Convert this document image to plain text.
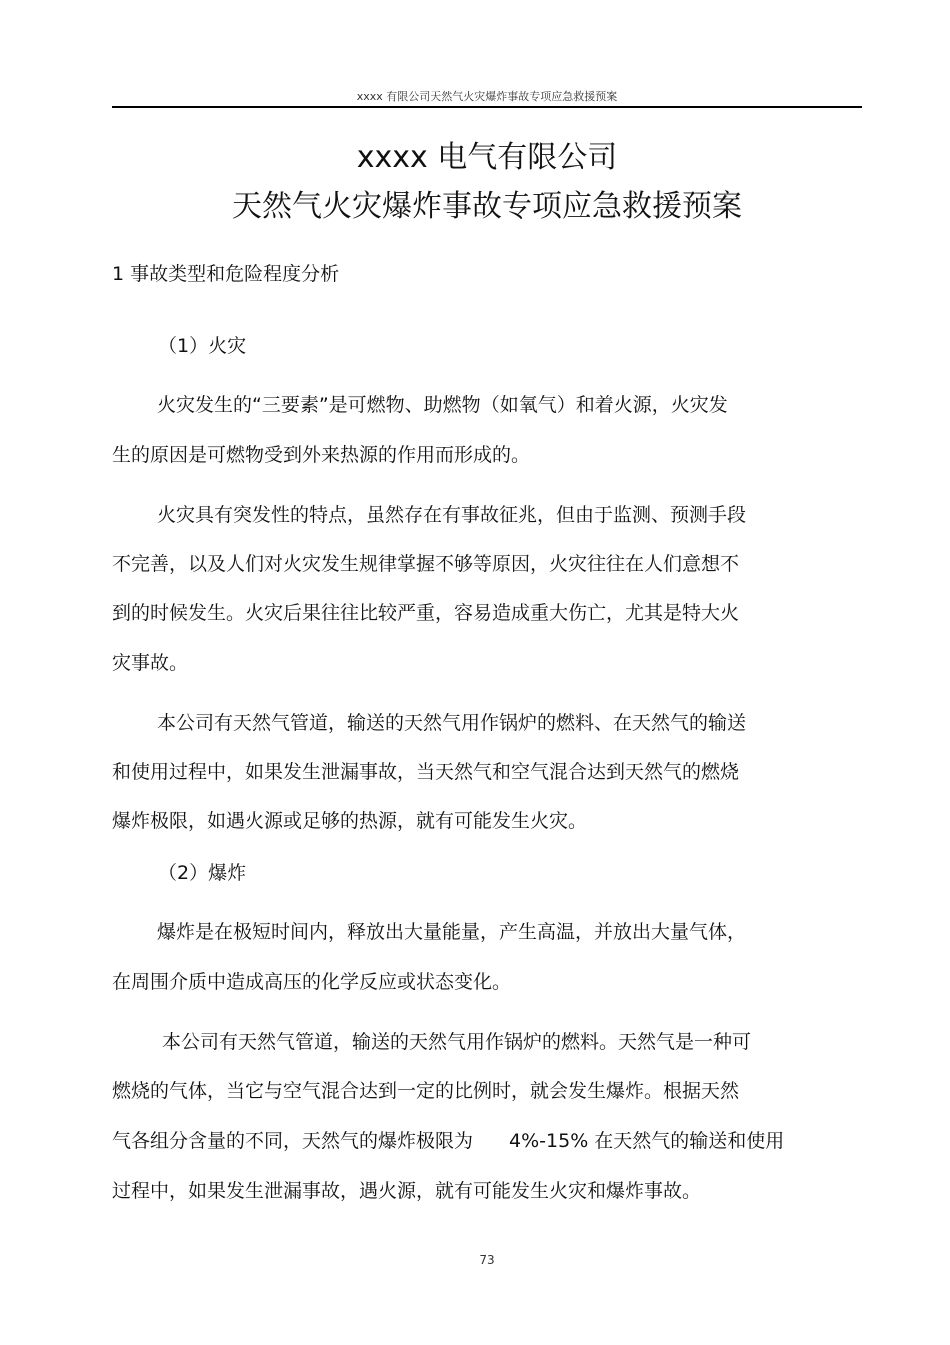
xxxx 有限公司天然气火灾爆炸事故专项应急救援预案
xxxx 电气有限公司
天然气火灾爆炸事故专项应急救援预案
1 事故类型和危险程度分析
（1）火灾
火灾发生的“三要素”是可燃物、助燃物（如氧气）和着火源，火灾发
生的原因是可燃物受到外来热源的作用而形成的。
火灾具有突发性的特点，虽然存在有事故征兆，但由于监测、预测手段
不完善，以及人们对火灾发生规律掌握不够等原因，火灾往往在人们意想不
到的时候发生。火灾后果往往比较严重，容易造成重大伤亡，尤其是特大火
灾事故。
本公司有天然气管道，输送的天然气用作锅炉的燃料、在天然气的输送
和使用过程中，如果发生泄漏事故，当天然气和空气混合达到天然气的燃烧
爆炸极限，如遇火源或足够的热源，就有可能发生火灾。
（2）爆炸
爆炸是在极短时间内，释放出大量能量，产生高温，并放出大量气体，
在周围介质中造成高压的化学反应或状态变化。
本公司有天然气管道，输送的天然气用作锅炉的燃料。天然气是一种可
燃烧的气体，当它与空气混合达到一定的比例时，就会发生爆炸。根据天然
气各组分含量的不同，天然气的爆炸极限为 4%-15% 在天然气的输送和使用
过程中，如果发生泄漏事故，遇火源，就有可能发生火灾和爆炸事故。
73
